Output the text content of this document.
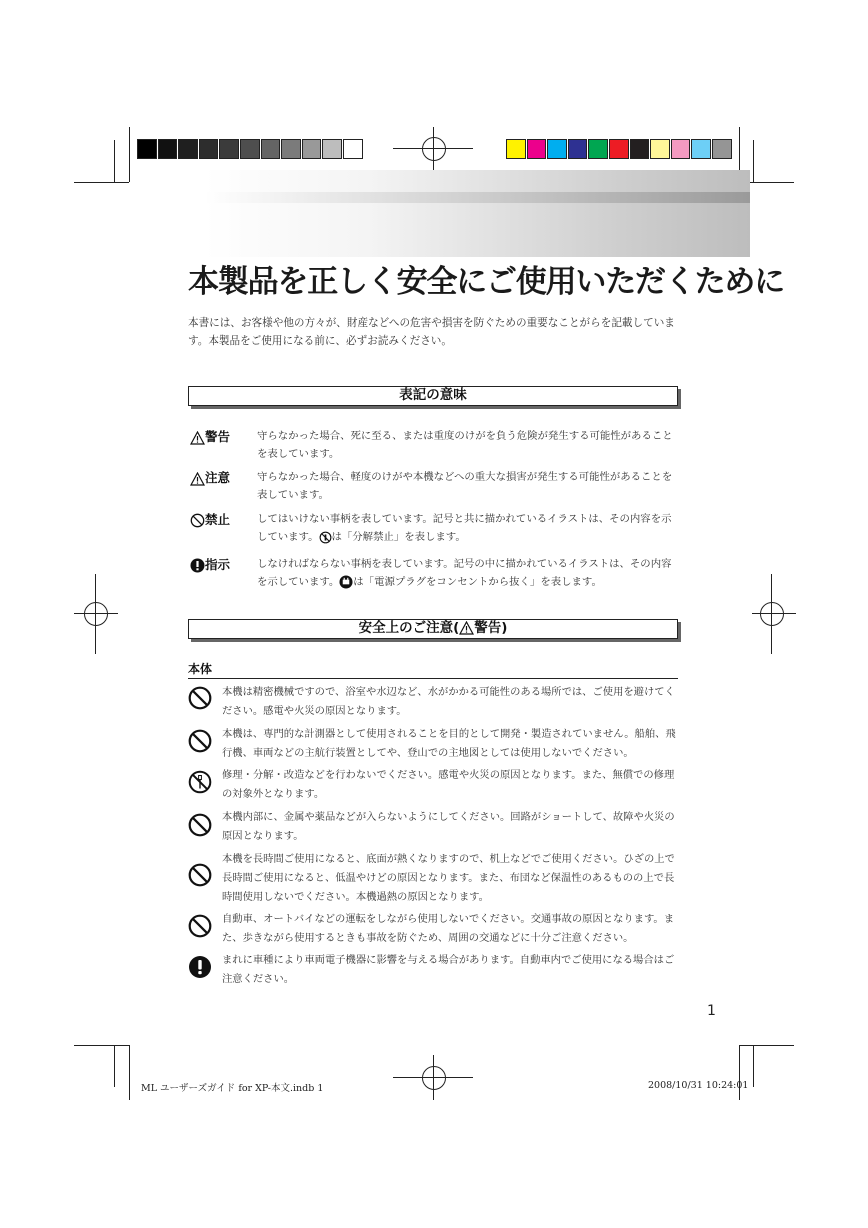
本製品を正しく安全にご使用いただくために
本書には、お客様や他の方々が、財産などへの危害や損害を防ぐための重要なことがらを記載しています。本製品をご使用になる前に、必ずお読みください。
表記の意味
警告	守らなかった場合、死に至る、または重度のけがを負う危険が発生する可能性があることを表しています。
注意	守らなかった場合、軽度のけがや本機などへの重大な損害が発生する可能性があることを表しています。
禁止	してはいけない事柄を表しています。記号と共に描かれているイラストは、その内容を示しています。 は「分解禁止」を表します。
指示	しなければならない事柄を表しています。記号の中に描かれているイラストは、その内容を示しています。 は「電源プラグをコンセントから抜く」を表します。
安全上のご注意( 警告)
本体
本機は精密機械ですので、浴室や水辺など、水がかかる可能性のある場所では、ご使用を避けてください。感電や火災の原因となります。
本機は、専門的な計測器として使用されることを目的として開発・製造されていません。船舶、飛行機、車両などの主航行装置としてや、登山での主地図としては使用しないでください。
修理・分解・改造などを行わないでください。感電や火災の原因となります。また、無償での修理の対象外となります。
本機内部に、金属や薬品などが入らないようにしてください。回路がショートして、故障や火災の原因となります。
本機を長時間ご使用になると、底面が熱くなりますので、机上などでご使用ください。ひざの上で長時間ご使用になると、低温やけどの原因となります。また、布団など保温性のあるものの上で長時間使用しないでください。本機過熱の原因となります。
自動車、オートバイなどの運転をしながら使用しないでください。交通事故の原因となります。また、歩きながら使用するときも事故を防ぐため、周囲の交通などに十分ご注意ください。
まれに車種により車両電子機器に影響を与える場合があります。自動車内でご使用になる場合はご注意ください。
1
ML ユーザーズガイド for XP-本文.indb 1	2008/10/31 10:24:01
